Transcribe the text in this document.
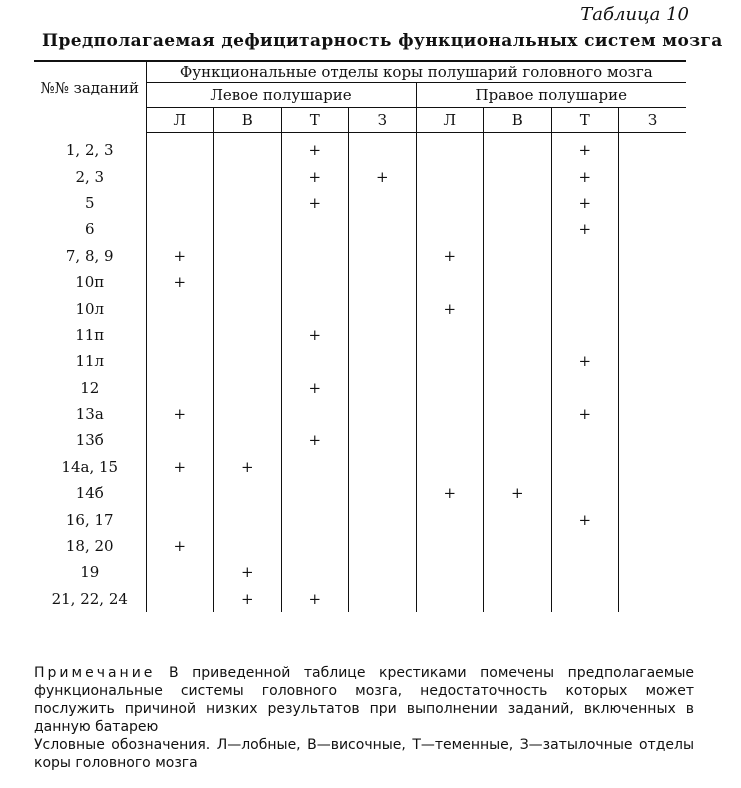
Таблица 10
Предполагаемая дефицитарность функциональных систем мозга
№№ заданий	Функциональные отделы коры полушарий головного мозга							
	Левое полушарие				Правое полушарие			
	Л	В	Т	З	Л	В	Т	З
1, 2, 3			+				+	
2, 3			+	+			+	
5			+				+	
6							+	
7, 8, 9	+				+			
10п	+							
10л					+			
11п			+					
11л							+	
12			+					
13а	+						+	
13б			+					
14а, 15	+	+						
14б					+	+		
16, 17							+	
18, 20	+							
19		+						
21, 22, 24		+	+					
Примечание В приведенной таблице крестиками помечены предполагаемые функциональные системы головного мозга, недостаточность которых может послужить причиной низких результатов при выполнении заданий, включенных в данную батарею
Условные обозначения. Л—лобные, В—височные, Т—теменные, З—затылочные отделы коры головного мозга
